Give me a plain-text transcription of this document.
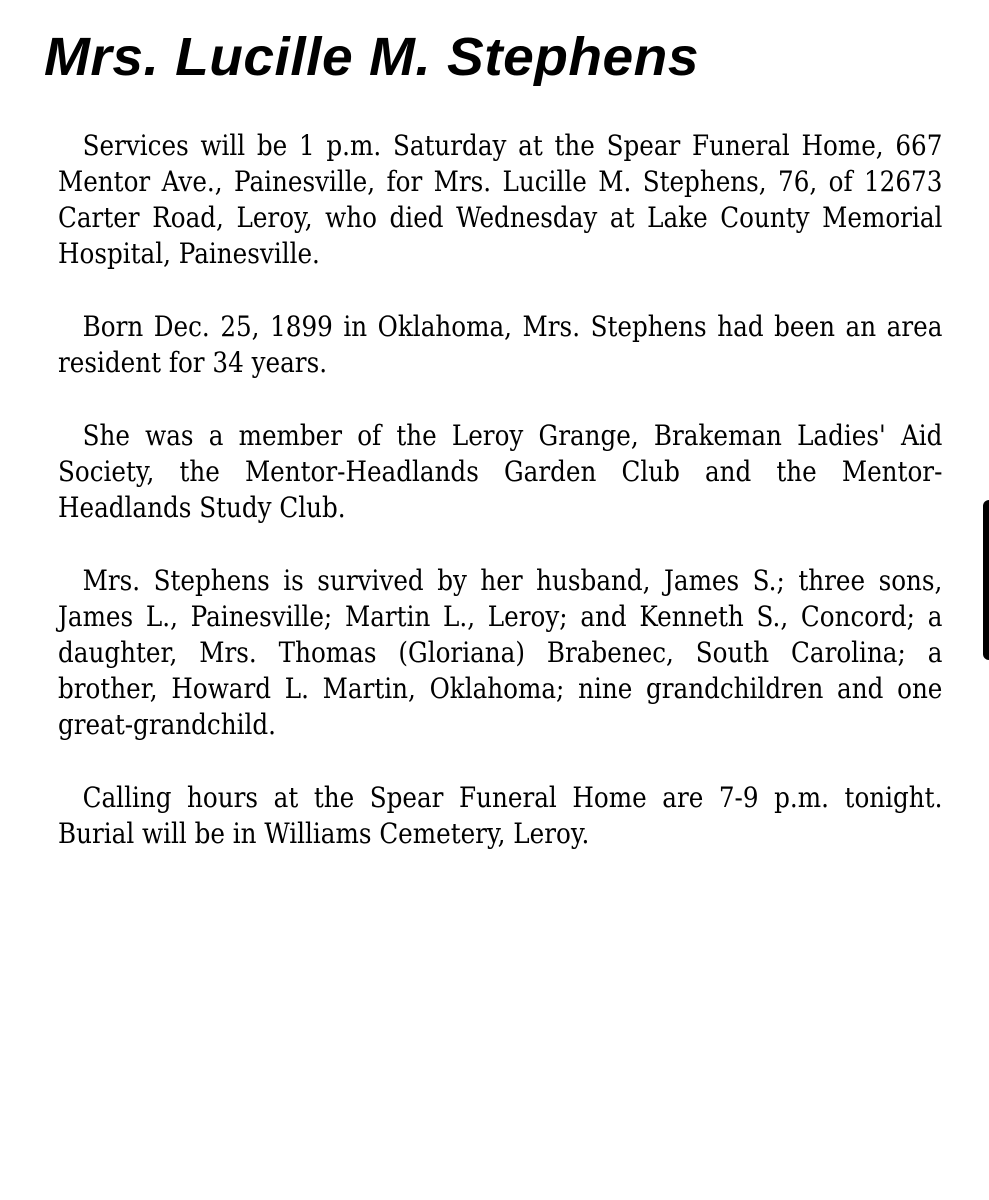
Mrs. Lucille M. Stephens

Services will be 1 p.m. Saturday at the Spear Funeral Home, 667 Mentor Ave., Painesville, for Mrs. Lucille M. Stephens, 76, of 12673 Carter Road, Leroy, who died Wednesday at Lake County Memorial Hospital, Painesville.

Born Dec. 25, 1899 in Oklahoma, Mrs. Stephens had been an area resident for 34 years.

She was a member of the Leroy Grange, Brakeman Ladies' Aid Society, the Mentor-Headlands Garden Club and the Mentor-Headlands Study Club.

Mrs. Stephens is survived by her husband, James S.; three sons, James L., Painesville; Martin L., Leroy; and Kenneth S., Concord; a daughter, Mrs. Thomas (Gloriana) Brabenec, South Carolina; a brother, Howard L. Martin, Oklahoma; nine grandchildren and one great-grandchild.

Calling hours at the Spear Funeral Home are 7-9 p.m. tonight. Burial will be in Williams Cemetery, Leroy.
